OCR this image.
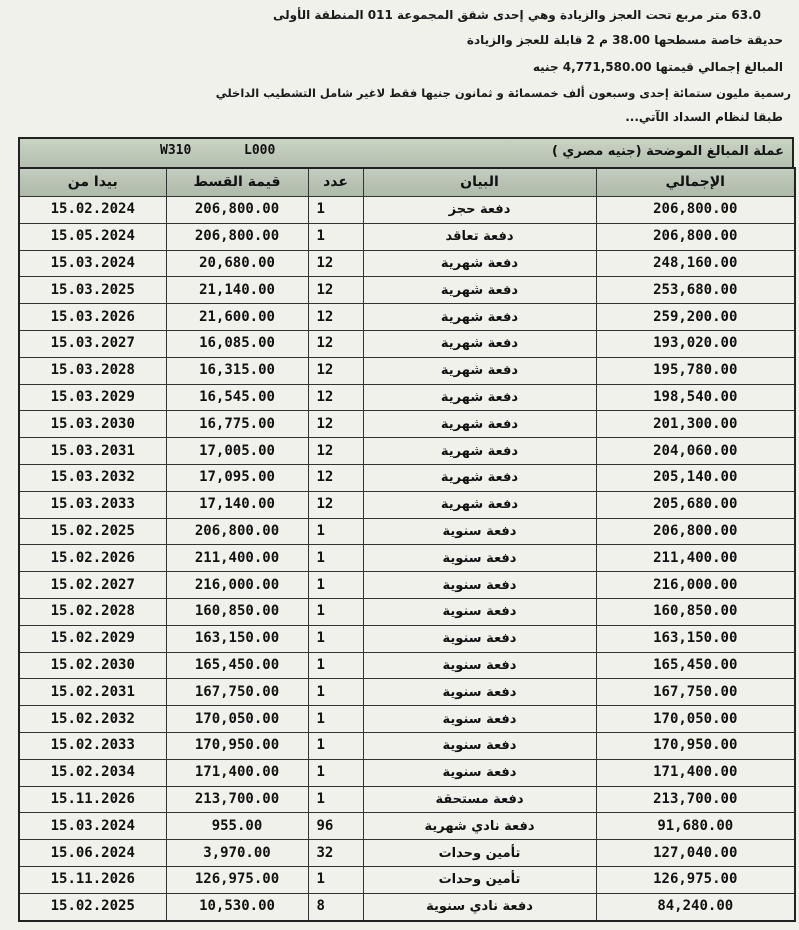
63.0 متر مربع تحت العجز والزيادة وهي إحدى شقق المجموعة 011 المنطقة الأولى
حديقة خاصة مسطحها 38.00 م 2 قابلة للعجز والزيادة
المبالغ إجمالي قيمتها 4,771,580.00 جنيه
رسمية مليون ستمائة إحدى وسبعون ألف خمسمائة و ثمانون جنيها فقط لاغير شامل التشطيب الداخلي
طبقا لنظام السداد الآتي...
W310	L000	عملة المبالغ الموضحة (جنيه مصري )
بيدا من	قيمة القسط	عدد	البيان	الإجمالي
15.02.2024	206,800.00	1	دفعة حجز	206,800.00
15.05.2024	206,800.00	1	دفعة تعاقد	206,800.00
15.03.2024	20,680.00	12	دفعة شهرية	248,160.00
15.03.2025	21,140.00	12	دفعة شهرية	253,680.00
15.03.2026	21,600.00	12	دفعة شهرية	259,200.00
15.03.2027	16,085.00	12	دفعة شهرية	193,020.00
15.03.2028	16,315.00	12	دفعة شهرية	195,780.00
15.03.2029	16,545.00	12	دفعة شهرية	198,540.00
15.03.2030	16,775.00	12	دفعة شهرية	201,300.00
15.03.2031	17,005.00	12	دفعة شهرية	204,060.00
15.03.2032	17,095.00	12	دفعة شهرية	205,140.00
15.03.2033	17,140.00	12	دفعة شهرية	205,680.00
15.02.2025	206,800.00	1	دفعة سنوية	206,800.00
15.02.2026	211,400.00	1	دفعة سنوية	211,400.00
15.02.2027	216,000.00	1	دفعة سنوية	216,000.00
15.02.2028	160,850.00	1	دفعة سنوية	160,850.00
15.02.2029	163,150.00	1	دفعة سنوية	163,150.00
15.02.2030	165,450.00	1	دفعة سنوية	165,450.00
15.02.2031	167,750.00	1	دفعة سنوية	167,750.00
15.02.2032	170,050.00	1	دفعة سنوية	170,050.00
15.02.2033	170,950.00	1	دفعة سنوية	170,950.00
15.02.2034	171,400.00	1	دفعة سنوية	171,400.00
15.11.2026	213,700.00	1	دفعة مستحقة	213,700.00
15.03.2024	955.00	96	دفعة نادي شهرية	91,680.00
15.06.2024	3,970.00	32	تأمين وحدات	127,040.00
15.11.2026	126,975.00	1	تأمين وحدات	126,975.00
15.02.2025	10,530.00	8	دفعة نادي سنوية	84,240.00
